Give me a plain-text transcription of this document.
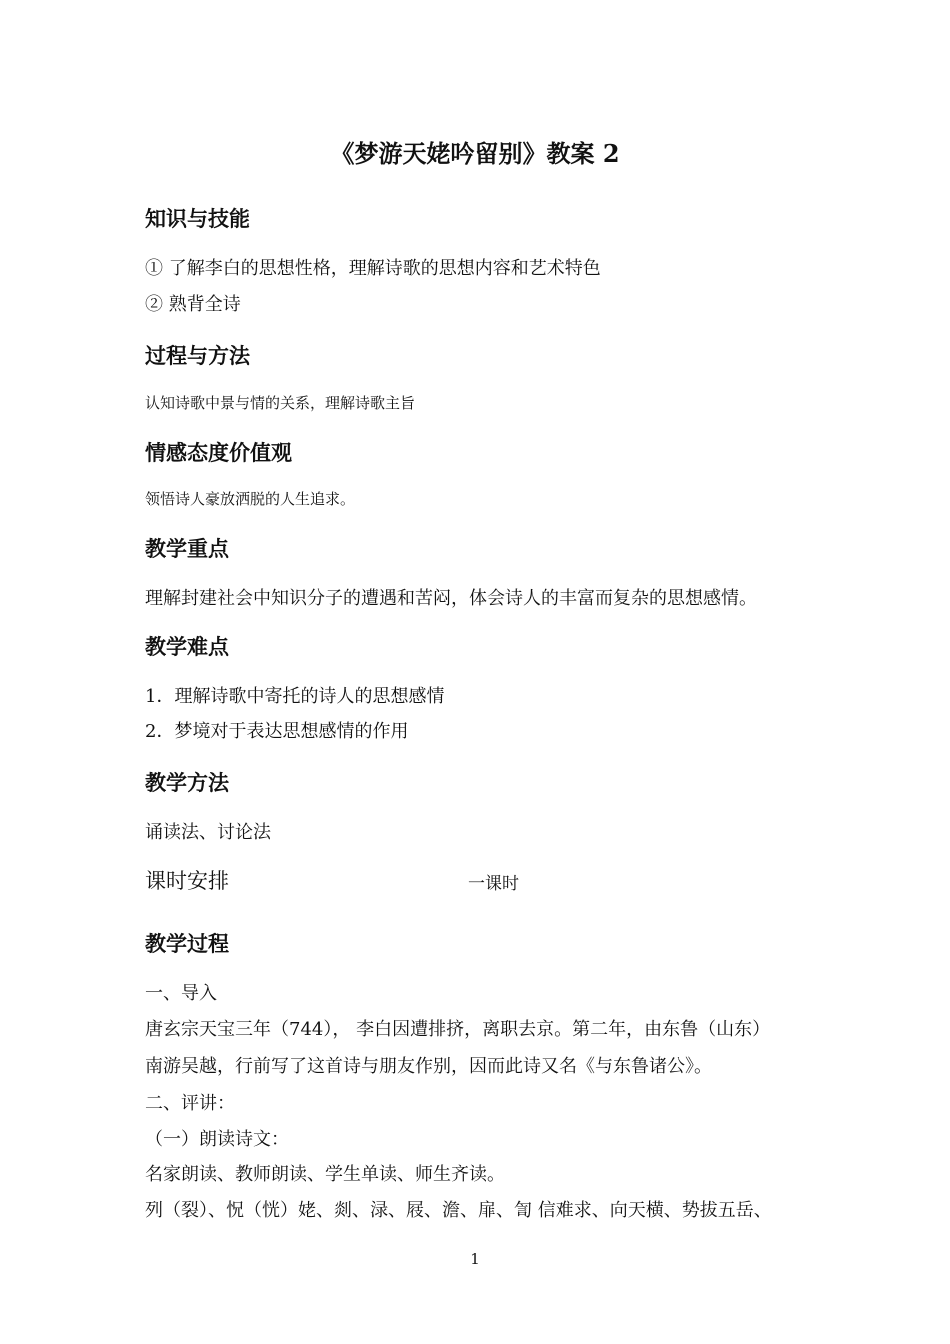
《梦游天姥吟留别》教案 2
知识与技能
① 了解李白的思想性格，理解诗歌的思想内容和艺术特色
② 熟背全诗
过程与方法
认知诗歌中景与情的关系，理解诗歌主旨
情感态度价值观
领悟诗人豪放洒脱的人生追求。
教学重点
理解封建社会中知识分子的遭遇和苦闷，体会诗人的丰富而复杂的思想感情。
教学难点
1．理解诗歌中寄托的诗人的思想感情
2．梦境对于表达思想感情的作用
教学方法
诵读法、讨论法
课时安排	一课时
教学过程
一、导入
唐玄宗天宝三年（744）， 李白因遭排挤，离职去京。第二年，由东鲁（山东）
南游吴越，行前写了这首诗与朋友作别，因而此诗又名《与东鲁诸公》。
二、评讲：
（一）朗读诗文：
名家朗读、教师朗读、学生单读、师生齐读。
列（裂）、怳（恍）姥、剡、渌、屐、澹、扉、訇 信难求、向天横、势拔五岳、
1
